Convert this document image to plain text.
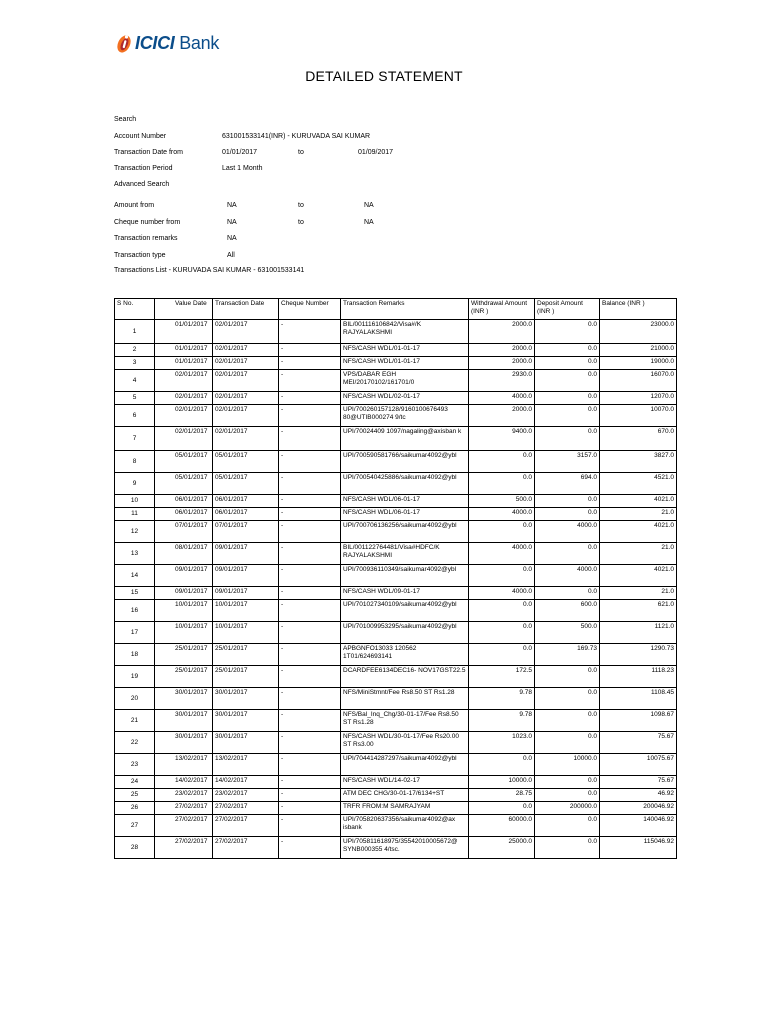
ICICI Bank
DETAILED STATEMENT
Search
Account Number	631001533141(INR) - KURUVADA SAI KUMAR
Transaction Date from	01/01/2017	to	01/09/2017
Transaction Period	Last 1 Month
Advanced Search
Amount from	NA	to	NA
Cheque number from	NA	to	NA
Transaction remarks	NA
Transaction type	All
Transactions List - KURUVADA SAI KUMAR - 631001533141
S No.	Value Date	Transaction Date	Cheque Number	Transaction Remarks	Withdrawal Amount (INR )	Deposit Amount (INR )	Balance (INR )
1	01/01/2017	02/01/2017	-	BIL/001116106842/Visa#/K RAJYALAKSHMI	2000.0	0.0	23000.0
2	01/01/2017	02/01/2017	-	NFS/CASH WDL/01-01-17	2000.0	0.0	21000.0
3	01/01/2017	02/01/2017	-	NFS/CASH WDL/01-01-17	2000.0	0.0	19000.0
4	02/01/2017	02/01/2017	-	VPS/DABAR EGH MEI/20170102/161701/0	2930.0	0.0	16070.0
5	02/01/2017	02/01/2017	-	NFS/CASH WDL/02-01-17	4000.0	0.0	12070.0
6	02/01/2017	02/01/2017	-	UPI/700260157128/9160100676493 80@UTIB000274 9/tc	2000.0	0.0	10070.0
7	02/01/2017	02/01/2017	-	UPI/70024409 1097/nagaling@axisban k	9400.0	0.0	670.0
8	05/01/2017	05/01/2017	-	UPI/700590581766/saikumar4092@ybl	0.0	3157.0	3827.0
9	05/01/2017	05/01/2017	-	UPI/700540425886/saikumar4092@ybl	0.0	694.0	4521.0
10	06/01/2017	06/01/2017	-	NFS/CASH WDL/06-01-17	500.0	0.0	4021.0
11	06/01/2017	06/01/2017	-	NFS/CASH WDL/06-01-17	4000.0	0.0	21.0
12	07/01/2017	07/01/2017	-	UPI/700706136256/saikumar4092@ybl	0.0	4000.0	4021.0
13	08/01/2017	09/01/2017	-	BIL/001122764481/Visa#HDFC/K RAJYALAKSHMI	4000.0	0.0	21.0
14	09/01/2017	09/01/2017	-	UPI/700936110349/saikumar4092@ybl	0.0	4000.0	4021.0
15	09/01/2017	09/01/2017	-	NFS/CASH WDL/09-01-17	4000.0	0.0	21.0
16	10/01/2017	10/01/2017	-	UPI/701027340109/saikumar4092@ybl	0.0	600.0	621.0
17	10/01/2017	10/01/2017	-	UPI/701009953295/saikumar4092@ybl	0.0	500.0	1121.0
18	25/01/2017	25/01/2017	-	APBGNFO13033 120562 1T01/624693141	0.0	169.73	1290.73
19	25/01/2017	25/01/2017	-	DCARDFEE6134DEC16- NOV17GST22.5	172.5	0.0	1118.23
20	30/01/2017	30/01/2017	-	NFS/MiniStmnt/Fee Rs8.50 ST Rs1.28	9.78	0.0	1108.45
21	30/01/2017	30/01/2017	-	NFS/Bal_Inq_Chg/30-01-17/Fee Rs8.50 ST Rs1.28	9.78	0.0	1098.67
22	30/01/2017	30/01/2017	-	NFS/CASH WDL/30-01-17/Fee Rs20.00 ST Rs3.00	1023.0	0.0	75.67
23	13/02/2017	13/02/2017	-	UPI/704414287297/saikumar4092@ybl	0.0	10000.0	10075.67
24	14/02/2017	14/02/2017	-	NFS/CASH WDL/14-02-17	10000.0	0.0	75.67
25	23/02/2017	23/02/2017	-	ATM DEC CHG/30-01-17/6134+ST	28.75	0.0	46.92
26	27/02/2017	27/02/2017	-	TRFR FROM:M SAMRAJYAM	0.0	200000.0	200046.92
27	27/02/2017	27/02/2017	-	UPI/705820637356/saikumar4092@ax isbank	60000.0	0.0	140046.92
28	27/02/2017	27/02/2017	-	UPI/705811618975/35542010005672@ SYNB000355 4/tsc.	25000.0	0.0	115046.92
